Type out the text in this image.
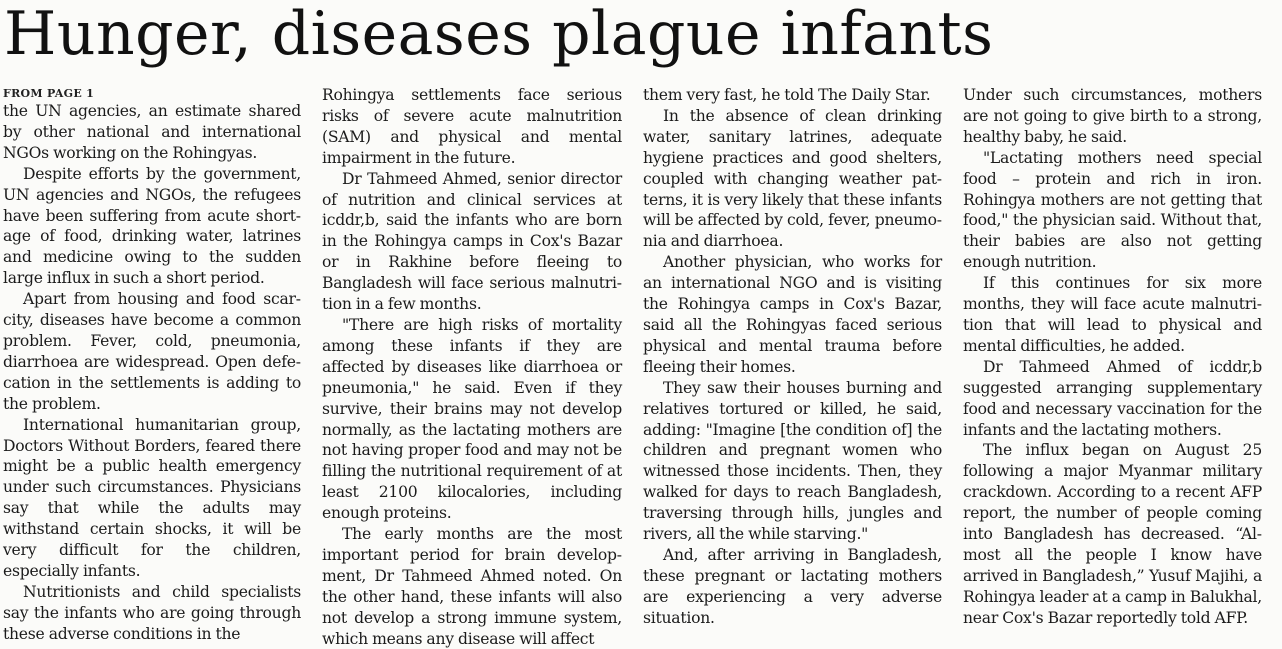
Hunger, diseases plague infants
FROM PAGE 1

the UN agencies, an estimate shared by other national and international NGOs working on the Rohingyas.

Despite efforts by the government, UN agencies and NGOs, the refugees have been suffering from acute shortage of food, drinking water, latrines and medicine owing to the sudden large influx in such a short period.

Apart from housing and food scarcity, diseases have become a common problem. Fever, cold, pneumonia, diarrhoea are widespread. Open defecation in the settlements is adding to the problem.

International humanitarian group, Doctors Without Borders, feared there might be a public health emergency under such circumstances. Physicians say that while the adults may withstand certain shocks, it will be very difficult for the children, especially infants.

Nutritionists and child specialists say the infants who are going through these adverse conditions in the

Rohingya settlements face serious risks of severe acute malnutrition (SAM) and physical and mental impairment in the future.

Dr Tahmeed Ahmed, senior director of nutrition and clinical services at icddr,b, said the infants who are born in the Rohingya camps in Cox's Bazar or in Rakhine before fleeing to Bangladesh will face serious malnutrition in a few months.

"There are high risks of mortality among these infants if they are affected by diseases like diarrhoea or pneumonia," he said. Even if they survive, their brains may not develop normally, as the lactating mothers are not having proper food and may not be filling the nutritional requirement of at least 2100 kilocalories, including enough proteins.

The early months are the most important period for brain development, Dr Tahmeed Ahmed noted. On the other hand, these infants will also not develop a strong immune system, which means any disease will affect

them very fast, he told The Daily Star.

In the absence of clean drinking water, sanitary latrines, adequate hygiene practices and good shelters, coupled with changing weather patterns, it is very likely that these infants will be affected by cold, fever, pneumonia and diarrhoea.

Another physician, who works for an international NGO and is visiting the Rohingya camps in Cox's Bazar, said all the Rohingyas faced serious physical and mental trauma before fleeing their homes.

They saw their houses burning and relatives tortured or killed, he said, adding: "Imagine [the condition of] the children and pregnant women who witnessed those incidents. Then, they walked for days to reach Bangladesh, traversing through hills, jungles and rivers, all the while starving."

And, after arriving in Bangladesh, these pregnant or lactating mothers are experiencing a very adverse situation.

Under such circumstances, mothers are not going to give birth to a strong, healthy baby, he said.

"Lactating mothers need special food – protein and rich in iron. Rohingya mothers are not getting that food," the physician said. Without that, their babies are also not getting enough nutrition.

If this continues for six more months, they will face acute malnutrition that will lead to physical and mental difficulties, he added.

Dr Tahmeed Ahmed of icddr,b suggested arranging supplementary food and necessary vaccination for the infants and the lactating mothers.

The influx began on August 25 following a major Myanmar military crackdown. According to a recent AFP report, the number of people coming into Bangladesh has decreased. “Almost all the people I know have arrived in Bangladesh,” Yusuf Majihi, a Rohingya leader at a camp in Balukhal, near Cox's Bazar reportedly told AFP.
